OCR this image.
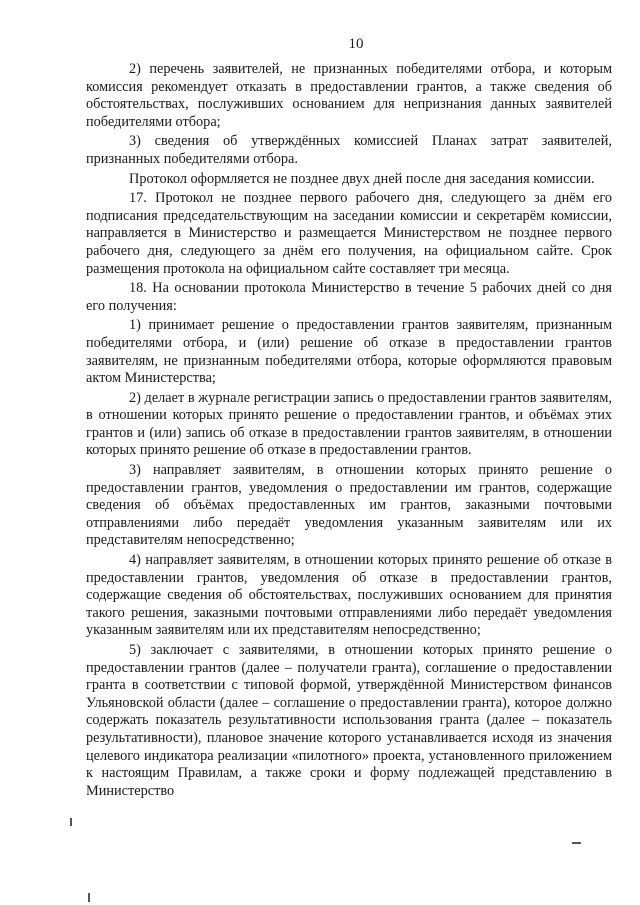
10

2) перечень заявителей, не признанных победителями отбора, и которым комиссия рекомендует отказать в предоставлении грантов, а также сведения об обстоятельствах, послуживших основанием для непризнания данных заявителей победителями отбора;

3) сведения об утверждённых комиссией Планах затрат заявителей, признанных победителями отбора.

Протокол оформляется не позднее двух дней после дня заседания комиссии.

17. Протокол не позднее первого рабочего дня, следующего за днём его подписания председательствующим на заседании комиссии и секретарём комиссии, направляется в Министерство и размещается Министерством не позднее первого рабочего дня, следующего за днём его получения, на официальном сайте. Срок размещения протокола на официальном сайте составляет три месяца.

18. На основании протокола Министерство в течение 5 рабочих дней со дня его получения:

1) принимает решение о предоставлении грантов заявителям, признанным победителями отбора, и (или) решение об отказе в предоставлении грантов заявителям, не признанным победителями отбора, которые оформляются правовым актом Министерства;

2) делает в журнале регистрации запись о предоставлении грантов заявителям, в отношении которых принято решение о предоставлении грантов, и объёмах этих грантов и (или) запись об отказе в предоставлении грантов заявителям, в отношении которых принято решение об отказе в предоставлении грантов.

3) направляет заявителям, в отношении которых принято решение о предоставлении грантов, уведомления о предоставлении им грантов, содержащие сведения об объёмах предоставленных им грантов, заказными почтовыми отправлениями либо передаёт уведомления указанным заявителям или их представителям непосредственно;

4) направляет заявителям, в отношении которых принято решение об отказе в предоставлении грантов, уведомления об отказе в предоставлении грантов, содержащие сведения об обстоятельствах, послуживших основанием для принятия такого решения, заказными почтовыми отправлениями либо передаёт уведомления указанным заявителям или их представителям непосредственно;

5) заключает с заявителями, в отношении которых принято решение о предоставлении грантов (далее – получатели гранта), соглашение о предоставлении гранта в соответствии с типовой формой, утверждённой Министерством финансов Ульяновской области (далее – соглашение о предоставлении гранта), которое должно содержать показатель результативности использования гранта (далее – показатель результативности), плановое значение которого устанавливается исходя из значения целевого индикатора реализации «пилотного» проекта, установленного приложением к настоящим Правилам, а также сроки и форму подлежащей представлению в Министерство
